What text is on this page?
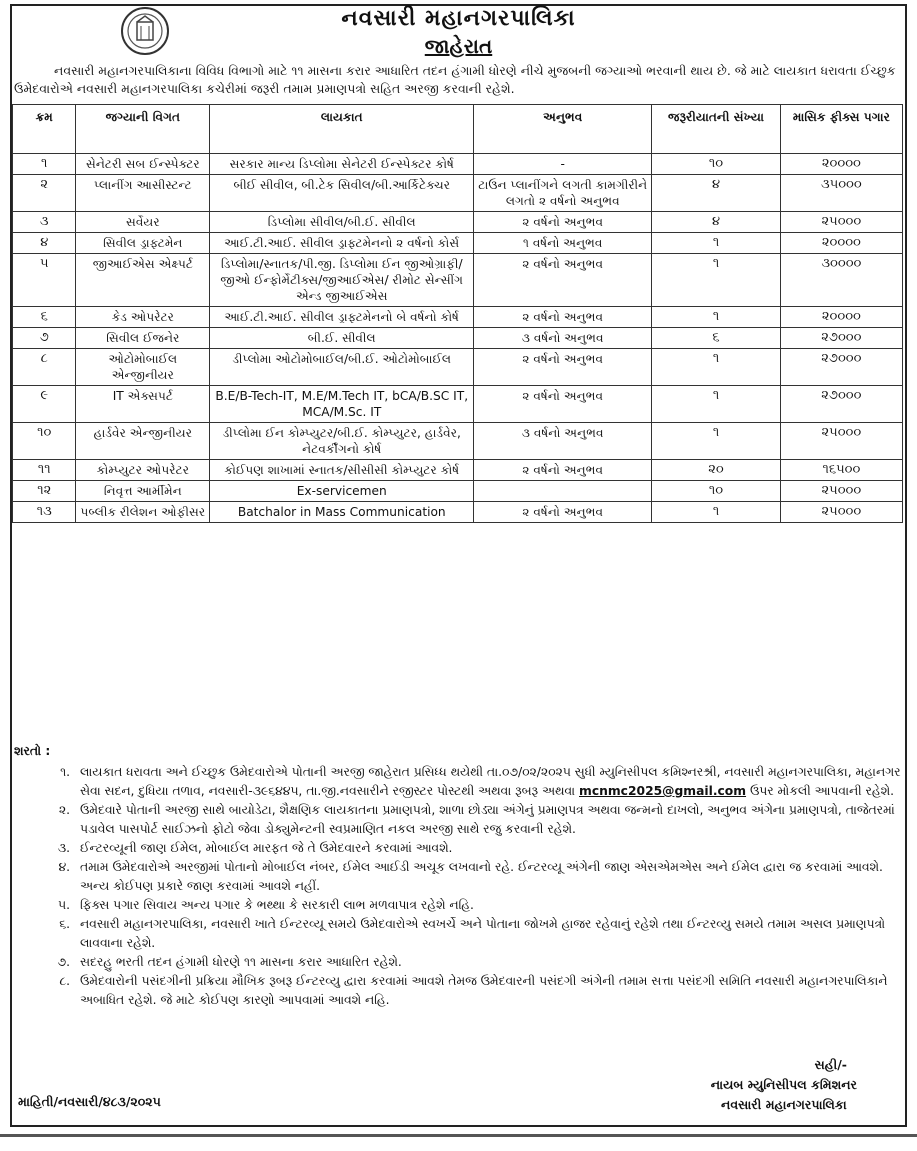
નવસારી મહાનગરપાલિકા
જાહેરાત
નવસારી મહાનગરપાલિકાના વિવિધ વિભાગો માટે ૧૧ માસના કરાર આધારિત તદન હંગામી ધોરણે નીચે મુજબની જગ્યાઓ ભરવાની થાય છે. જે માટે લાયકાત ધરાવતા ઈચ્છુક ઉમેદવારોએ નવસારી મહાનગરપાલિકા કચેરીમાં જરૂરી તમામ પ્રમાણપત્રો સહિત અરજી કરવાની રહેશે.
ક્રમ	જગ્યાની વિગત	લાયકાત	અનુભવ	જરૂરીયાતની સંખ્યા	માસિક ફીક્સ પગાર
૧	સેનેટરી સબ ઈન્સ્પેક્ટર	સરકાર માન્ય ડિપ્લોમા સેનેટરી ઈન્સ્પેક્ટર કોર્ષ	-	૧૦	૨૦૦૦૦
૨	પ્લાનીંગ આસીસ્ટન્ટ	બીઈ સીવીલ, બી.ટેક સિવીલ/બી.આર્કિટેક્ચર	ટાઉન પ્લાનીંગને લગતી કામગીરીને લગતો ૨ વર્ષનો અનુભવ	૪	૩૫૦૦૦
૩	સર્વેયર	ડિપ્લોમા સીવીલ/બી.ઈ. સીવીલ	૨ વર્ષનો અનુભવ	૪	૨૫૦૦૦
૪	સિવીલ ડ્રાફ્ટમેન	આઈ.ટી.આઈ. સીવીલ ડ્રાફ્ટમેનનો ૨ વર્ષનો કોર્સ	૧ વર્ષનો અનુભવ	૧	૨૦૦૦૦
૫	જીઆઈએસ એક્ષ્પર્ટ	ડિપ્લોમા/સ્નાતક/પી.જી. ડિપ્લોમા ઈન જીઓગ્રાફી/જીઓ ઈન્ફોર્મેટીક્સ/જીઆઈએસ/ રીમોટ સેન્સીંગ એન્ડ જીઆઈએસ	૨ વર્ષનો અનુભવ	૧	૩૦૦૦૦
૬	કેડ ઓપરેટર	આઈ.ટી.આઈ. સીવીલ ડ્રાફ્ટમેનનો બે વર્ષનો કોર્ષ	૨ વર્ષનો અનુભવ	૧	૨૦૦૦૦
૭	સિવીલ ઈજનેર	બી.ઈ. સીવીલ	૩ વર્ષનો અનુભવ	૬	૨૭૦૦૦
૮	ઓટોમોબાઈલ એન્જીનીયર	ડીપ્લોમા ઓટોમોબાઈલ/બી.ઈ. ઓટોમોબાઈલ	૨ વર્ષનો અનુભવ	૧	૨૭૦૦૦
૯	IT એક્સપર્ટ	B.E/B-Tech-IT, M.E/M.Tech IT, bCA/B.SC IT, MCA/M.Sc. IT	૨ વર્ષનો અનુભવ	૧	૨૭૦૦૦
૧૦	હાર્ડવેર એન્જીનીયર	ડીપ્લોમા ઈન કોમ્પ્યુટર/બી.ઈ. કોમ્પ્યુટર, હાર્ડવેર, નેટવર્કીંગનો કોર્ષ	૩ વર્ષનો અનુભવ	૧	૨૫૦૦૦
૧૧	કોમ્પ્યુટર ઓપરેટર	કોઈપણ શાખામાં સ્નાતક/સીસીસી કોમ્પ્યુટર કોર્ષ	૨ વર્ષનો અનુભવ	૨૦	૧૬૫૦૦
૧૨	નિવૃત્ત આર્મીમેન	Ex-servicemen		૧૦	૨૫૦૦૦
૧૩	પબ્લીક રીલેશન ઓફીસર	Batchalor in Mass Communication	૨ વર્ષનો અનુભવ	૧	૨૫૦૦૦
શરતો :
૧. લાયકાત ધરાવતા અને ઈચ્છુક ઉમેદવારોએ પોતાની અરજી જાહેરાત પ્રસિધ્ધ થયેથી તા.૦૭/૦૨/૨૦૨૫ સુધી મ્યુનિસીપલ કમિશ્નરશ્રી, નવસારી મહાનગરપાલિકા, મહાનગર સેવા સદન, દુધિયા તળાવ, નવસારી-૩૯૬૪૪૫, તા.જી.નવસારીને રજીસ્ટર પોસ્ટથી અથવા રૂબરૂ અથવા mcnmc2025@gmail.com ઉપર મોકલી આપવાની રહેશે.
૨. ઉમેદવારે પોતાની અરજી સાથે બાયોડેટા, શૈક્ષણિક લાયકાતના પ્રમાણપત્રો, શાળા છોડ્યા અંગેનું પ્રમાણપત્ર અથવા જન્મનો દાખલો, અનુભવ અંગેના પ્રમાણપત્રો, તાજેતરમાં પડાવેલ પાસપોર્ટ સાઈઝનો ફોટો જેવા ડોક્યુમેન્ટની સ્વપ્રમાણિત નકલ અરજી સાથે રજુ કરવાની રહેશે.
૩. ઈન્ટરવ્યૂની જાણ ઈમેલ, મોબાઈલ મારફત જે તે ઉમેદવારને કરવામાં આવશે.
૪. તમામ ઉમેદવારોએ અરજીમાં પોતાનો મોબાઈલ નંબર, ઈમેલ આઈડી અચૂક લખવાનો રહે. ઈન્ટરવ્યૂ અંગેની જાણ એસએમએસ અને ઈમેલ દ્વારા જ કરવામાં આવશે. અન્ય કોઈપણ પ્રકારે જાણ કરવામાં આવશે નહીં.
૫. ફિક્સ પગાર સિવાય અન્ય પગાર કે ભથ્થા કે સરકારી લાભ મળવાપાત્ર રહેશે નહિ.
૬. નવસારી મહાનગરપાલિકા, નવસારી ખાતે ઈન્ટરવ્યૂ સમયે ઉમેદવારોએ સ્વખર્ચે અને પોતાના જોખમે હાજર રહેવાનું રહેશે તથા ઈન્ટરવ્યુ સમયે તમામ અસલ પ્રમાણપત્રો લાવવાના રહેશે.
૭. સદરહુ ભરતી તદન હંગામી ધોરણે ૧૧ માસના કરાર આધારિત રહેશે.
૮. ઉમેદવારોની પસંદગીની પ્રક્રિયા મૌખિક રૂબરૂ ઈન્ટરવ્યુ દ્વારા કરવામાં આવશે તેમજ ઉમેદવારની પસંદગી અંગેની તમામ સત્તા પસંદગી સમિતિ નવસારી મહાનગરપાલિકાને અબાધિત રહેશે. જે માટે કોઈપણ કારણો આપવામાં આવશે નહિ.
સહી/-
નાયબ મ્યુનિસીપલ કમિશનર
નવસારી મહાનગરપાલિકા
માહિતી/નવસારી/૪૮૩/૨૦૨૫
